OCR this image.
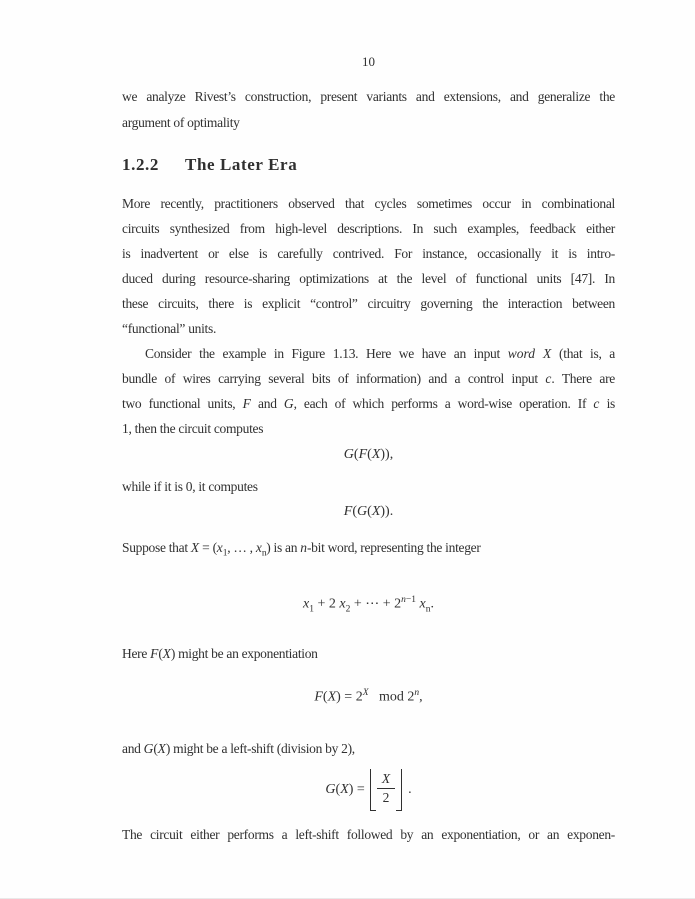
10
we analyze Rivest’s construction, present variants and extensions, and generalize the
argument of optimality
1.2.2 The Later Era
More recently, practitioners observed that cycles sometimes occur in combinational
circuits synthesized from high-level descriptions. In such examples, feedback either
is inadvertent or else is carefully contrived. For instance, occasionally it is intro-
duced during resource-sharing optimizations at the level of functional units [47]. In
these circuits, there is explicit “control” circuitry governing the interaction between
“functional” units.
Consider the example in Figure 1.13. Here we have an input word X (that is, a
bundle of wires carrying several bits of information) and a control input c. There are
two functional units, F and G, each of which performs a word-wise operation. If c is
1, then the circuit computes
G(F(X)),
while if it is 0, it computes
F(G(X)).
Suppose that $X = (x_1$, … , $x_n$) is an n-bit word, representing the integer
$x_1 + 2$ $x_2$ + ⋯ + $2^{n-1}$ $x_n$.
Here F(X) might be an exponentiation
$F(X) = 2^X$   mod 2$^n$,
and G(X) might be a left-shift (division by 2),
$G(X) = \frac{X}{2}$ .
The circuit either performs a left-shift followed by an exponentiation, or an exponen-
